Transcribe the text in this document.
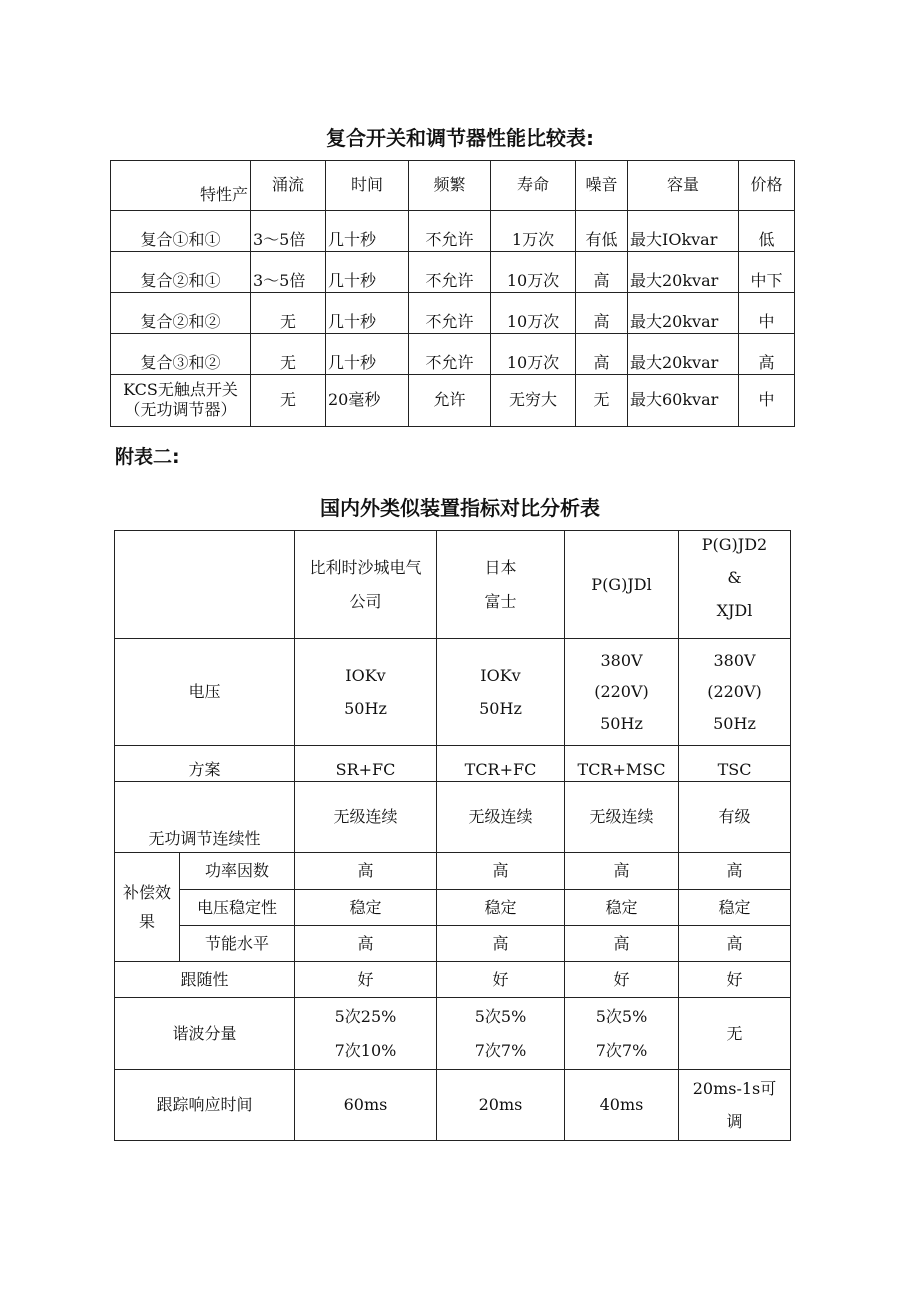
复合开关和调节器性能比较表:
特性产	涌流	时间	频繁	寿命	噪音	容量	价格
复合①和①	3～5倍	几十秒	不允许	1万次	有低	最大IOkvar	低
复合②和①	3～5倍	几十秒	不允许	10万次	高	最大20kvar	中下
复合②和②	无	几十秒	不允许	10万次	高	最大20kvar	中
复合③和②	无	几十秒	不允许	10万次	高	最大20kvar	高

KCS无触点开关
（无功调节器）	无	20毫秒	允许	无穷大	无	最大60kvar	中
附表二:
国内外类似装置指标对比分析表

		比利时沙城电气
公司	日本
富士	P(G)JDl	P(G)JD2
&
XJDl

电压		IOKv
50Hz	IOKv
50Hz	380V
(220V)
50Hz	380V
(220V)
50Hz

方案		SR+FC	TCR+FC	TCR+MSC	TSC
无功调节连续性		无级连续	无级连续	无级连续	有级

补偿效
果	功率因数	高	高	高	高
	电压稳定性	稳定	稳定	稳定	稳定
	节能水平	高	高	高	高
跟随性		好	好	好	好
谐波分量		5次25%
7次10%	5次5%
7次7%	5次5%
7次7%	无
跟踪响应时间		60ms	20ms	40ms	20ms-1s可
调
